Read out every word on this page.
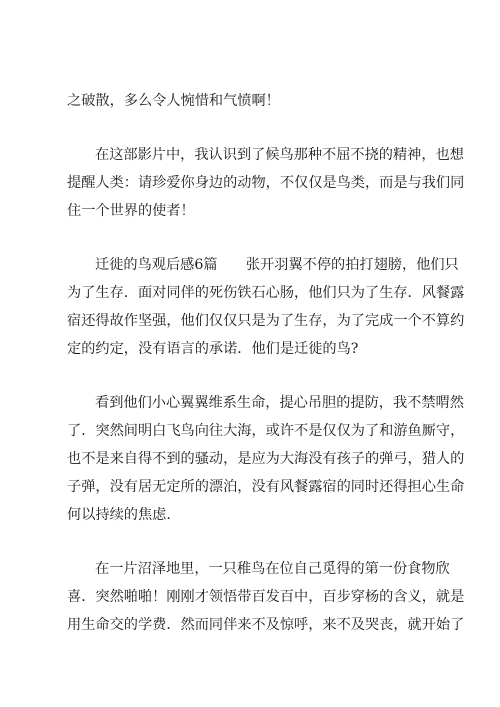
之破散，多么令人惋惜和气愤啊！
在这部影片中，我认识到了候鸟那种不屈不挠的精神，也想
提醒人类：请珍爱你身边的动物，不仅仅是鸟类，而是与我们同
住一个世界的使者！
迁徙的鸟观后感6篇　　张开羽翼不停的拍打翅膀，他们只
为了生存．面对同伴的死伤铁石心肠，他们只为了生存．风餐露
宿还得故作坚强，他们仅仅只是为了生存，为了完成一个不算约
定的约定，没有语言的承诺．他们是迁徙的鸟?
看到他们小心翼翼维系生命，提心吊胆的提防，我不禁喟然
了．突然间明白飞鸟向往大海，或许不是仅仅为了和游鱼厮守，
也不是来自得不到的骚动，是应为大海没有孩子的弹弓，猎人的
子弹，没有居无定所的漂泊，没有风餐露宿的同时还得担心生命
何以持续的焦虑.
在一片沼泽地里，一只稚鸟在位自己觅得的第一份食物欣
喜．突然啪啪！刚刚才领悟带百发百中，百步穿杨的含义，就是
用生命交的学费．然而同伴来不及惊呼，来不及哭丧，就开始了
